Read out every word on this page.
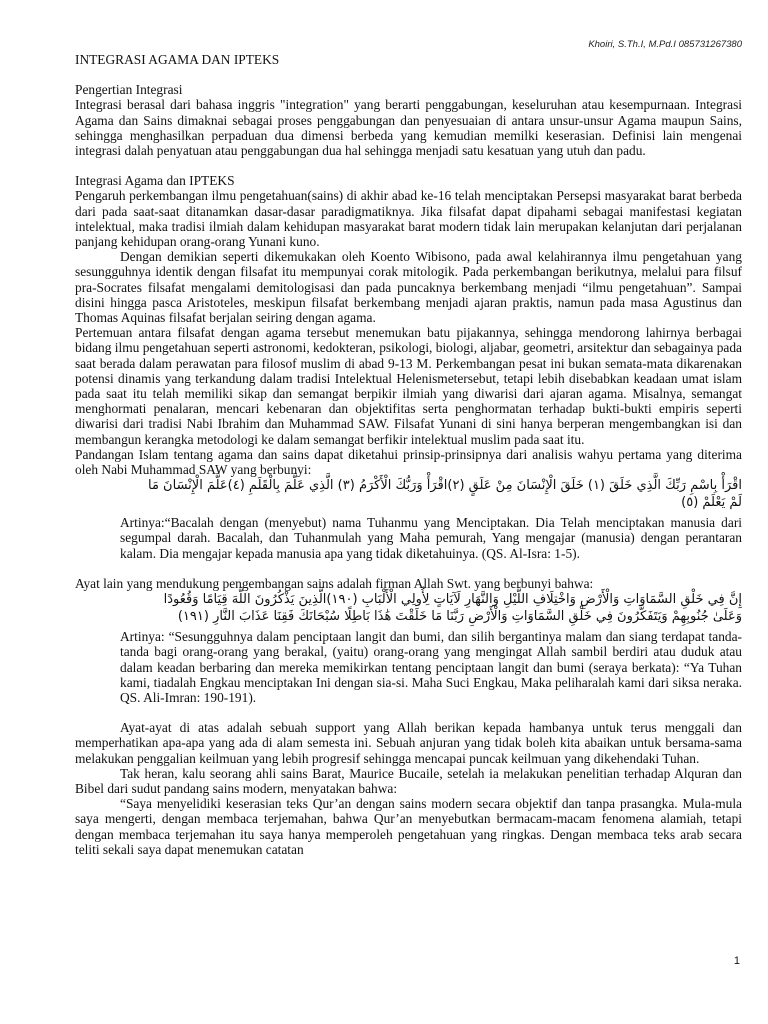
Khoiri, S.Th.I, M.Pd.I 085731267380
INTEGRASI AGAMA DAN IPTEKS
Pengertian Integrasi

Integrasi berasal dari bahasa inggris "integration" yang berarti penggabungan, keseluruhan atau kesempurnaan. Integrasi Agama dan Sains dimaknai sebagai proses penggabungan dan penyesuaian di antara unsur-unsur Agama maupun Sains, sehingga menghasilkan perpaduan dua dimensi berbeda yang kemudian memilki keserasian. Definisi lain mengenai integrasi dalah penyatuan atau penggabungan dua hal sehingga menjadi satu kesatuan yang utuh dan padu.

Integrasi Agama dan IPTEKS

Pengaruh perkembangan ilmu pengetahuan(sains) di akhir abad ke-16 telah menciptakan Persepsi masyarakat barat berbeda dari pada saat-saat ditanamkan dasar-dasar paradigmatiknya. Jika filsafat dapat dipahami sebagai manifestasi kegiatan intelektual, maka tradisi ilmiah dalam kehidupan masyarakat barat modern tidak lain merupakan kelanjutan dari perjalanan panjang kehidupan orang-orang Yunani kuno.

Dengan demikian seperti dikemukakan oleh Koento Wibisono, pada awal kelahirannya ilmu pengetahuan yang sesungguhnya identik dengan filsafat itu mempunyai corak mitologik. Pada perkembangan berikutnya, melalui para filsuf pra-Socrates filsafat mengalami demitologisasi dan pada puncaknya berkembang menjadi “ilmu pengetahuan”. Sampai disini hingga pasca Aristoteles, meskipun filsafat berkembang menjadi ajaran praktis, namun pada masa Agustinus dan Thomas Aquinas filsafat berjalan seiring dengan agama.

Pertemuan antara filsafat dengan agama tersebut menemukan batu pijakannya, sehingga mendorong lahirnya berbagai bidang ilmu pengetahuan seperti astronomi, kedokteran, psikologi, biologi, aljabar, geometri, arsitektur dan sebagainya pada saat berada dalam perawatan para filosof muslim di abad 9-13 M. Perkembangan pesat ini bukan semata-mata dikarenakan potensi dinamis yang terkandung dalam tradisi Intelektual Helenismetersebut, tetapi lebih disebabkan keadaan umat islam pada saat itu telah memiliki sikap dan semangat berpikir ilmiah yang diwarisi dari ajaran agama. Misalnya, semangat menghormati penalaran, mencari kebenaran dan objektifitas serta penghormatan terhadap bukti-bukti empiris seperti diwarisi dari tradisi Nabi Ibrahim dan Muhammad SAW. Filsafat Yunani di sini hanya berperan mengembangkan isi dan membangun kerangka metodologi ke dalam semangat berfikir intelektual muslim pada saat itu.

Pandangan Islam tentang agama dan sains dapat diketahui prinsip-prinsipnya dari analisis wahyu pertama yang diterima oleh Nabi Muhammad SAW yang berbunyi:

اقْرَأْ بِاسْمِ رَبِّكَ الَّذِي خَلَقَ (١) خَلَقَ الْإِنْسَانَ مِنْ عَلَقٍ (٢)اقْرَأْ وَرَبُّكَ الْأَكْرَمُ (٣) الَّذِي عَلَّمَ بِالْقَلَمِ (٤)عَلَّمَ الْإِنْسَانَ مَا لَمْ يَعْلَمْ (٥)

Artinya:“Bacalah dengan (menyebut) nama Tuhanmu yang Menciptakan. Dia Telah menciptakan manusia dari segumpal darah. Bacalah, dan Tuhanmulah yang Maha pemurah, Yang mengajar (manusia) dengan perantaran kalam. Dia mengajar kepada manusia apa yang tidak diketahuinya. (QS. Al-Isra: 1-5).

Ayat lain yang mendukung pengembangan sains adalah firman Allah Swt. yang berbunyi bahwa:

إِنَّ فِي خَلْقِ السَّمَاوَاتِ وَالْأَرْضِ وَاخْتِلَافِ اللَّيْلِ وَالنَّهَارِ لَآيَاتٍ لِأُولِي الْأَلْبَابِ (١٩٠)الَّذِينَ يَذْكُرُونَ اللَّهَ قِيَامًا وَقُعُودًا وَعَلَىٰ جُنُوبِهِمْ وَيَتَفَكَّرُونَ فِي خَلْقِ السَّمَاوَاتِ وَالْأَرْضِ رَبَّنَا مَا خَلَقْتَ هَٰذَا بَاطِلًا سُبْحَانَكَ فَقِنَا عَذَابَ النَّارِ (١٩١)

Artinya: “Sesungguhnya dalam penciptaan langit dan bumi, dan silih bergantinya malam dan siang terdapat tanda-tanda bagi orang-orang yang berakal, (yaitu) orang-orang yang mengingat Allah sambil berdiri atau duduk atau dalam keadan berbaring dan mereka memikirkan tentang penciptaan langit dan bumi (seraya berkata): “Ya Tuhan kami, tiadalah Engkau menciptakan Ini dengan sia-si. Maha Suci Engkau, Maka peliharalah kami dari siksa neraka. QS. Ali-Imran: 190-191).

Ayat-ayat di atas adalah sebuah support yang Allah berikan kepada hambanya untuk terus menggali dan memperhatikan apa-apa yang ada di alam semesta ini. Sebuah anjuran yang tidak boleh kita abaikan untuk bersama-sama melakukan penggalian keilmuan yang lebih progresif sehingga mencapai puncak keilmuan yang dikehendaki Tuhan.

Tak heran, kalu seorang ahli sains Barat, Maurice Bucaile, setelah ia melakukan penelitian terhadap Alquran dan Bibel dari sudut pandang sains modern, menyatakan bahwa:

“Saya menyelidiki keserasian teks Qur’an dengan sains modern secara objektif dan tanpa prasangka. Mula-mula saya mengerti, dengan membaca terjemahan, bahwa Qur’an menyebutkan bermacam-macam fenomena alamiah, tetapi dengan membaca terjemahan itu saya hanya memperoleh pengetahuan yang ringkas. Dengan membaca teks arab secara teliti sekali saya dapat menemukan catatan

1
